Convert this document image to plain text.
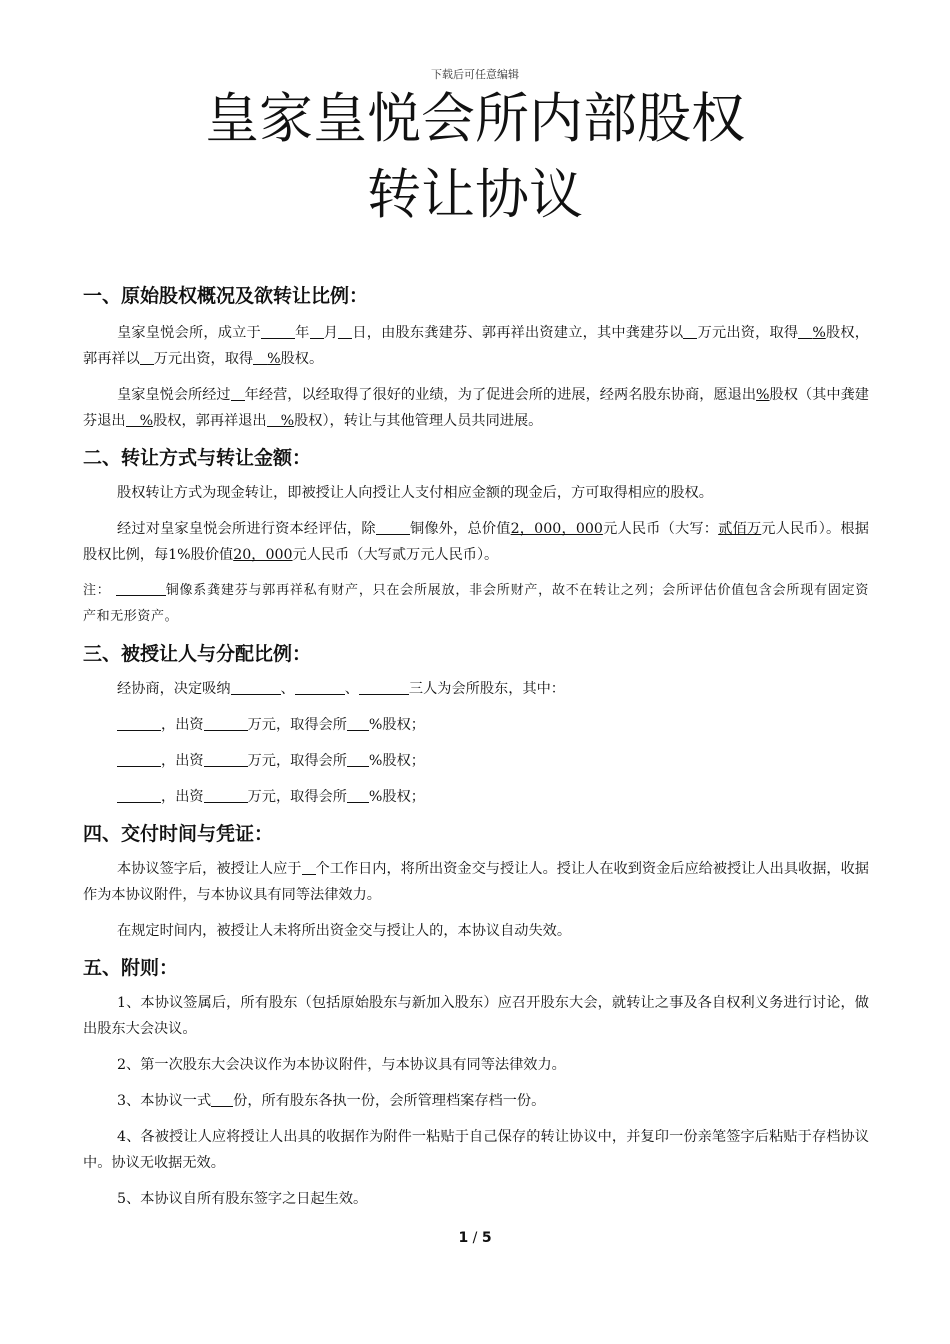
下载后可任意编辑
皇家皇悦会所内部股权
转让协议
一、原始股权概况及欲转让比例：

皇家皇悦会所，成立于 年 月 日，由股东龚建芬、郭再祥出资建立，其中龚建芬以 万元出资，取得 %股权，郭再祥以 万元出资，取得 %股权。

皇家皇悦会所经过 年经营，以经取得了很好的业绩，为了促进会所的进展，经两名股东协商，愿退出%股权（其中龚建芬退出 %股权，郭再祥退出 %股权），转让与其他管理人员共同进展。

二、转让方式与转让金额：

股权转让方式为现金转让，即被授让人向授让人支付相应金额的现金后，方可取得相应的股权。

经过对皇家皇悦会所进行资本经评估，除 铜像外，总价值2，000，000元人民币（大写：贰佰万元人民币）。根据股权比例，每1%股价值20，000元人民币（大写贰万元人民币）。

注：	铜像系龚建芬与郭再祥私有财产，只在会所展放，非会所财产，故不在转让之列；会所评估价值包含会所现有固定资产和无形资产。

三、被授让人与分配比例：

经协商，决定吸纳	、	、	三人为会所股东，其中：

，出资	万元，取得会所 %股权；

，出资	万元，取得会所 %股权；

，出资	万元，取得会所 %股权；

四、交付时间与凭证：

本协议签字后，被授让人应于 个工作日内，将所出资金交与授让人。授让人在收到资金后应给被授让人出具收据，收据作为本协议附件，与本协议具有同等法律效力。

在规定时间内，被授让人未将所出资金交与授让人的，本协议自动失效。

五、附则：

1、本协议签属后，所有股东（包括原始股东与新加入股东）应召开股东大会，就转让之事及各自权利义务进行讨论，做出股东大会决议。

2、第一次股东大会决议作为本协议附件，与本协议具有同等法律效力。

3、本协议一式 份，所有股东各执一份，会所管理档案存档一份。

4、各被授让人应将授让人出具的收据作为附件一粘贴于自己保存的转让协议中，并复印一份亲笔签字后粘贴于存档协议中。协议无收据无效。

5、本协议自所有股东签字之日起生效。

1 / 5
